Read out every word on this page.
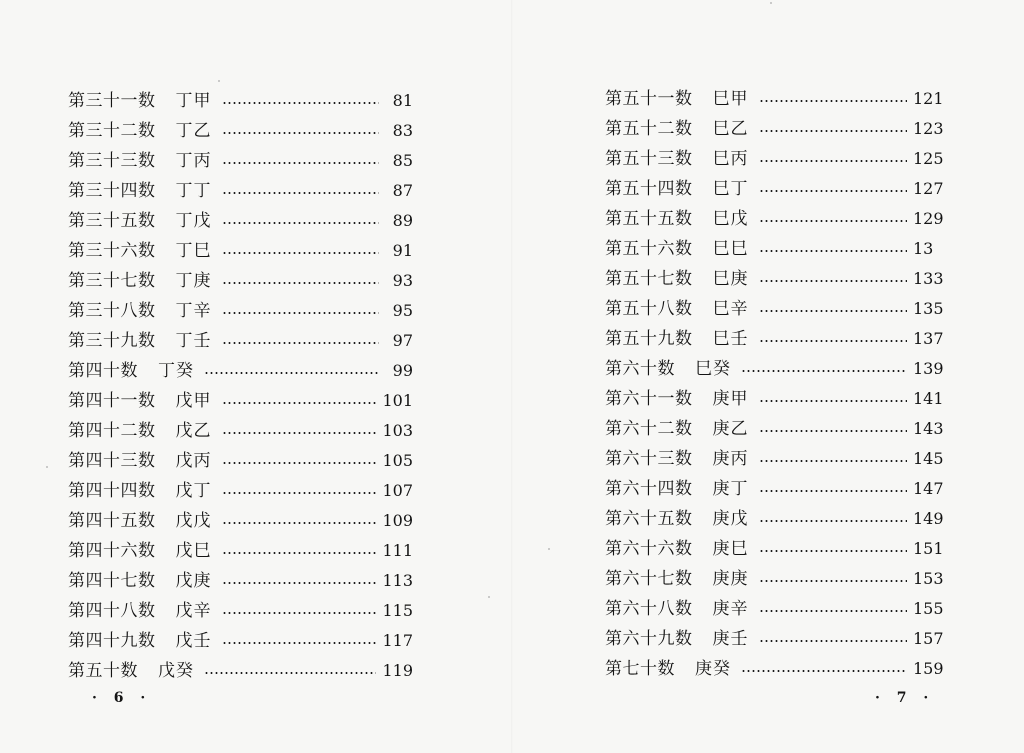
第三十一数 丁甲	81
第三十二数 丁乙	83
第三十三数 丁丙	85
第三十四数 丁丁	87
第三十五数 丁戊	89
第三十六数 丁巳	91
第三十七数 丁庚	93
第三十八数 丁辛	95
第三十九数 丁壬	97
第四十数 丁癸	99
第四十一数 戊甲	101
第四十二数 戊乙	103
第四十三数 戊丙	105
第四十四数 戊丁	107
第四十五数 戊戊	109
第四十六数 戊巳	111
第四十七数 戊庚	113
第四十八数 戊辛	115
第四十九数 戊壬	117
第五十数 戊癸	119
· 6 ·
第五十一数 巳甲	121
第五十二数 巳乙	123
第五十三数 巳丙	125
第五十四数 巳丁	127
第五十五数 巳戊	129
第五十六数 巳巳	13
第五十七数 巳庚	133
第五十八数 巳辛	135
第五十九数 巳壬	137
第六十数 巳癸	139
第六十一数 庚甲	141
第六十二数 庚乙	143
第六十三数 庚丙	145
第六十四数 庚丁	147
第六十五数 庚戊	149
第六十六数 庚巳	151
第六十七数 庚庚	153
第六十八数 庚辛	155
第六十九数 庚壬	157
第七十数 庚癸	159
· 7 ·
